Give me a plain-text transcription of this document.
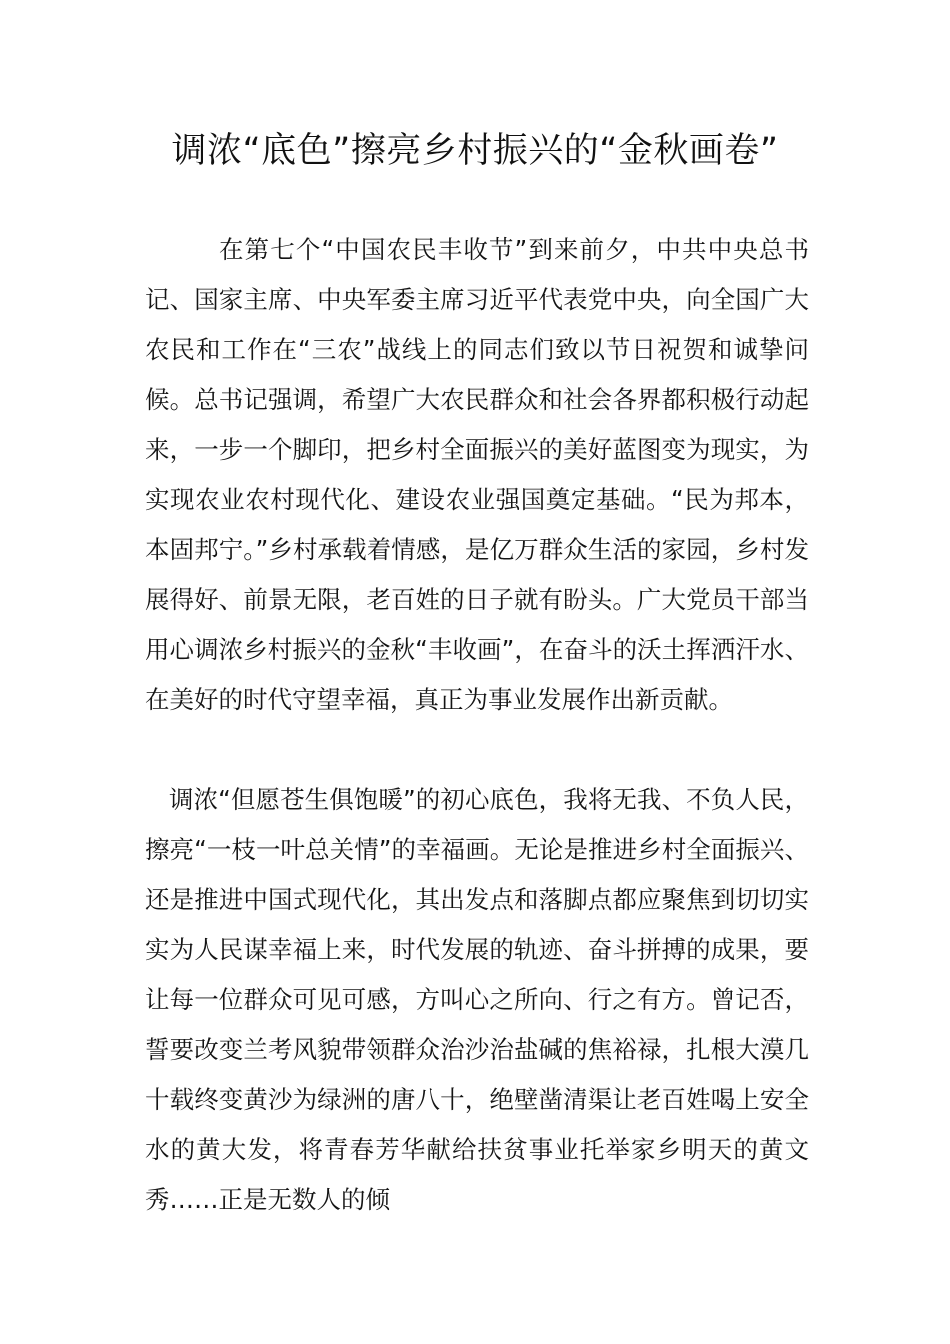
调浓“底色”擦亮乡村振兴的“金秋画卷”

在第七个“中国农民丰收节”到来前夕，中共中央总书记、国家主席、中央军委主席习近平代表党中央，向全国广大农民和工作在“三农”战线上的同志们致以节日祝贺和诚挚问候。总书记强调，希望广大农民群众和社会各界都积极行动起来，一步一个脚印，把乡村全面振兴的美好蓝图变为现实，为实现农业农村现代化、建设农业强国奠定基础。“民为邦本，本固邦宁。”乡村承载着情感，是亿万群众生活的家园，乡村发展得好、前景无限，老百姓的日子就有盼头。广大党员干部当用心调浓乡村振兴的金秋“丰收画”，在奋斗的沃土挥洒汗水、在美好的时代守望幸福，真正为事业发展作出新贡献。

调浓“但愿苍生俱饱暖”的初心底色，我将无我、不负人民，擦亮“一枝一叶总关情”的幸福画。无论是推进乡村全面振兴、还是推进中国式现代化，其出发点和落脚点都应聚焦到切切实实为人民谋幸福上来，时代发展的轨迹、奋斗拼搏的成果，要让每一位群众可见可感，方叫心之所向、行之有方。曾记否，誓要改变兰考风貌带领群众治沙治盐碱的焦裕禄，扎根大漠几十载终变黄沙为绿洲的唐八十，绝壁凿清渠让老百姓喝上安全水的黄大发，将青春芳华献给扶贫事业托举家乡明天的黄文秀……正是无数人的倾
